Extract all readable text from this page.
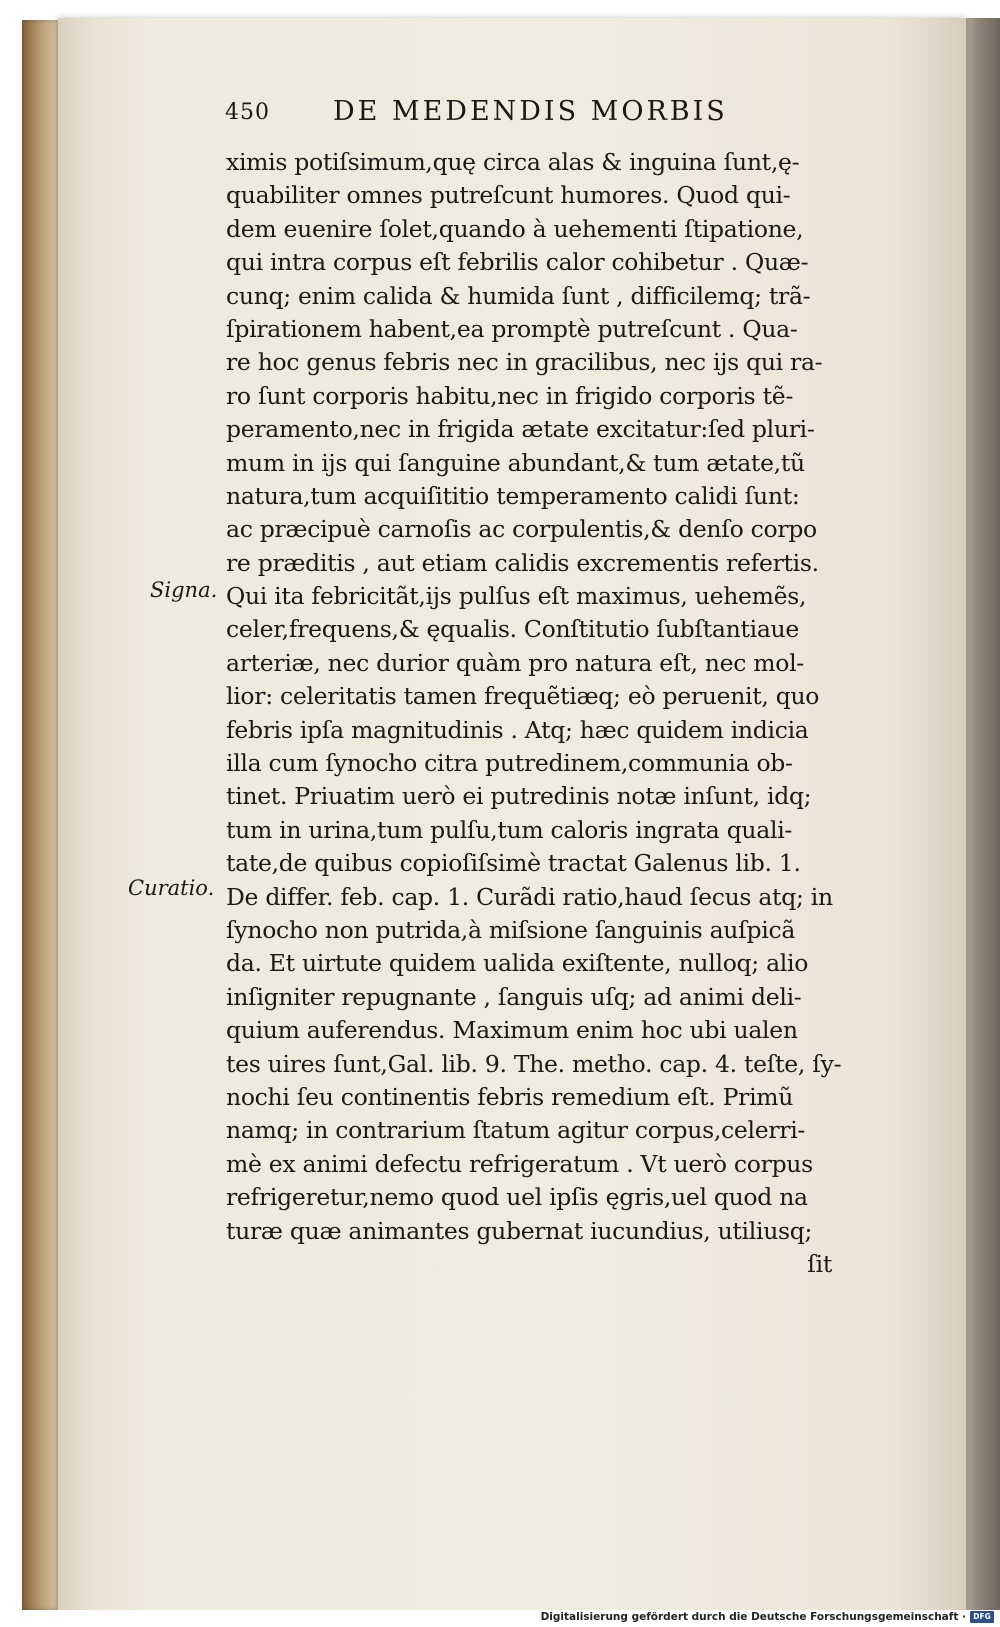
450 DE MEDENDIS MORBIS
Signa.
Curatio.
ximis potiſsimum,quę circa alas & inguina ſunt,ę-
quabiliter omnes putreſcunt humores. Quod qui-
dem euenire ſolet,quando à uehementi ſtipatione,
qui intra corpus eſt febrilis calor cohibetur . Quæ-
cunq; enim calida & humida ſunt , difficilemq; trã-
ſpirationem habent,ea promptè putreſcunt . Qua-
re hoc genus febris nec in gracilibus, nec ijs qui ra-
ro ſunt corporis habitu,nec in frigido corporis tẽ-
peramento,nec in frigida ætate excitatur:ſed pluri-
mum in ijs qui ſanguine abundant,& tum ætate,tũ
natura,tum acquiſititio temperamento calidi ſunt:
ac præcipuè carnoſis ac corpulentis,& denſo corpo
re præditis , aut etiam calidis excrementis refertis.
Qui ita febricitãt,ijs pulſus eſt maximus, uehemẽs,
celer,frequens,& ęqualis. Conſtitutio ſubſtantiaue
arteriæ, nec durior quàm pro natura eſt, nec mol-
lior: celeritatis tamen frequẽtiæq; eò peruenit, quo
febris ipſa magnitudinis . Atq; hæc quidem indicia
illa cum ſynocho citra putredinem,communia ob-
tinet. Priuatim uerò ei putredinis notæ inſunt, idq;
tum in urina,tum pulſu,tum caloris ingrata quali-
tate,de quibus copioſiſsimè tractat Galenus lib. 1.
De differ. feb. cap. 1. Curãdi ratio,haud ſecus atq; in
ſynocho non putrida,à miſsione ſanguinis auſpicã
da. Et uirtute quidem ualida exiſtente, nulloq; alio
inſigniter repugnante , ſanguis uſq; ad animi deli-
quium auferendus. Maximum enim hoc ubi ualen
tes uires ſunt,Gal. lib. 9. The. metho. cap. 4. teſte, ſy-
nochi ſeu continentis febris remedium eſt. Primũ
namq; in contrarium ſtatum agitur corpus,celerri-
mè ex animi defectu refrigeratum . Vt uerò corpus
refrigeretur,nemo quod uel ipſis ęgris,uel quod na
turæ quæ animantes gubernat iucundius, utiliusq;
ſit
Digitalisierung gefördert durch die Deutsche Forschungsgemeinschaft · DFG
